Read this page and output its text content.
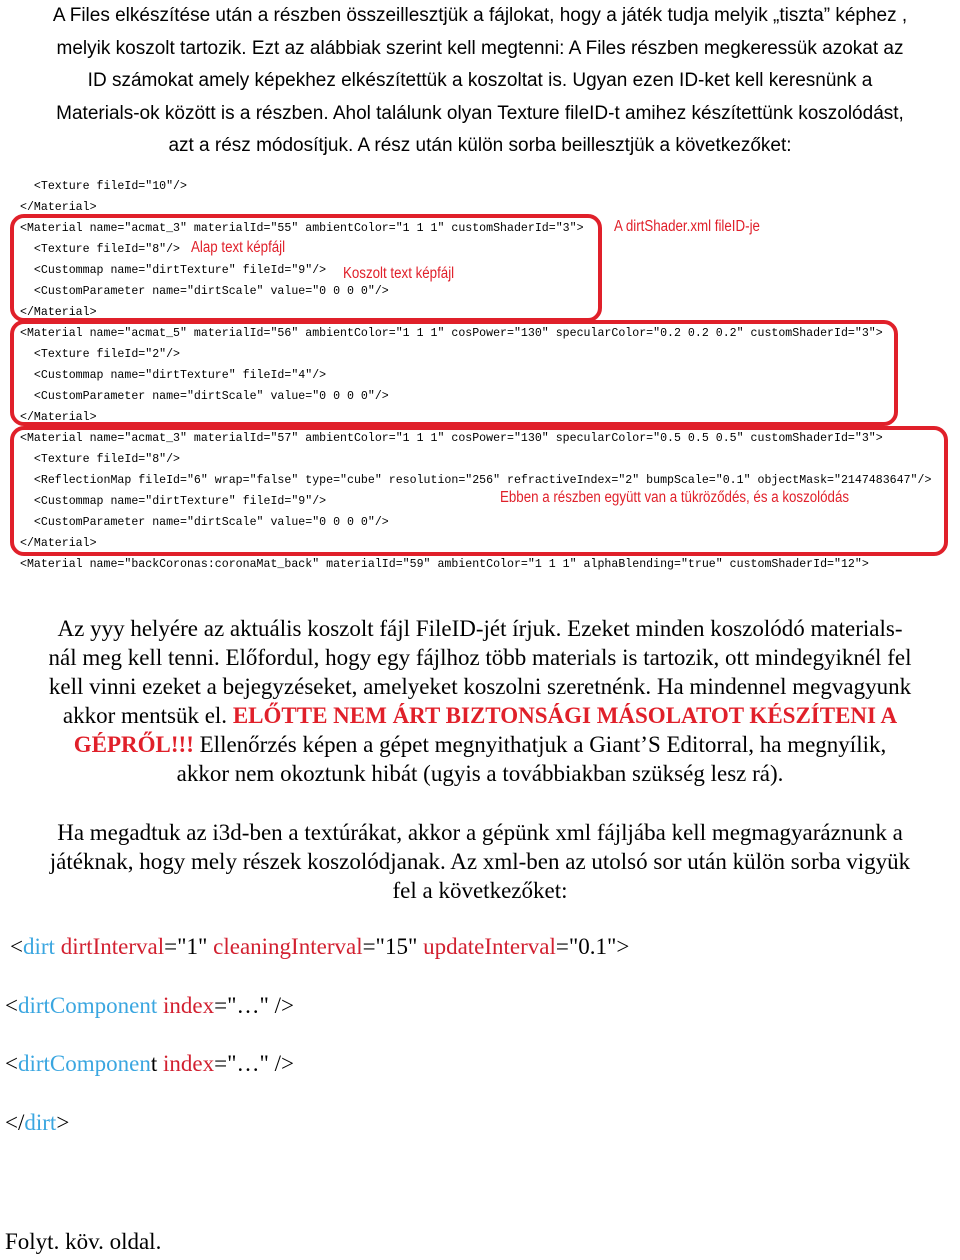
A Files elkészítése után a részben összeillesztjük a fájlokat, hogy a játék tudja melyik „tiszta” képhez ,
melyik koszolt tartozik. Ezt az alábbiak szerint kell megtenni: A Files részben megkeressük azokat az
ID számokat amely képekhez elkészítettük a koszoltat is. Ugyan ezen ID-ket kell keresnünk a
Materials-ok között is a részben. Ahol találunk olyan Texture fileID-t amihez készítettünk koszolódást,
azt a rész módosítjuk. A rész után külön sorba beillesztjük a következőket:
<Texture fileId="10"/>
</Material>
<Material name="acmat_3" materialId="55" ambientColor="1 1 1" customShaderId="3">
<Texture fileId="8"/>
<Custommap name="dirtTexture" fileId="9"/>
<CustomParameter name="dirtScale" value="0 0 0 0"/>
</Material>
<Material name="acmat_5" materialId="56" ambientColor="1 1 1" cosPower="130" specularColor="0.2 0.2 0.2" customShaderId="3">
<Texture fileId="2"/>
<Custommap name="dirtTexture" fileId="4"/>
<CustomParameter name="dirtScale" value="0 0 0 0"/>
</Material>
<Material name="acmat_3" materialId="57" ambientColor="1 1 1" cosPower="130" specularColor="0.5 0.5 0.5" customShaderId="3">
<Texture fileId="8"/>
<ReflectionMap fileId="6" wrap="false" type="cube" resolution="256" refractiveIndex="2" bumpScale="0.1" objectMask="2147483647"/>
<Custommap name="dirtTexture" fileId="9"/>
<CustomParameter name="dirtScale" value="0 0 0 0"/>
</Material>
<Material name="backCoronas:coronaMat_back" materialId="59" ambientColor="1 1 1" alphaBlending="true" customShaderId="12">
A dirtShader.xml fileID-je
Alap text képfájl
Koszolt text képfájl
Ebben a részben együtt van a tükröződés, és a koszolódás
Az yyy helyére az aktuális koszolt fájl FileID-jét írjuk. Ezeket minden koszolódó materials-
nál meg kell tenni. Előfordul, hogy egy fájlhoz több materials is tartozik, ott mindegyiknél fel
kell vinni ezeket a bejegyzéseket, amelyeket koszolni szeretnénk. Ha mindennel megvagyunk
akkor mentsük el. ELŐTTE NEM ÁRT BIZTONSÁGI MÁSOLATOT KÉSZÍTENI A
GÉPRŐL!!! Ellenőrzés képen a gépet megnyithatjuk a Giant’S Editorral, ha megnyílik,
akkor nem okoztunk hibát (ugyis a továbbiakban szükség lesz rá).
Ha megadtuk az i3d-ben a textúrákat, akkor a gépünk xml fájljába kell megmagyaráznunk a
játéknak, hogy mely részek koszolódjanak. Az xml-ben az utolsó sor után külön sorba vigyük
fel a következőket:
<dirt dirtInterval="1" cleaningInterval="15" updateInterval="0.1">
<dirtComponent index="…" />
<dirtComponent index="…" />
</dirt>
Folyt. köv. oldal.
